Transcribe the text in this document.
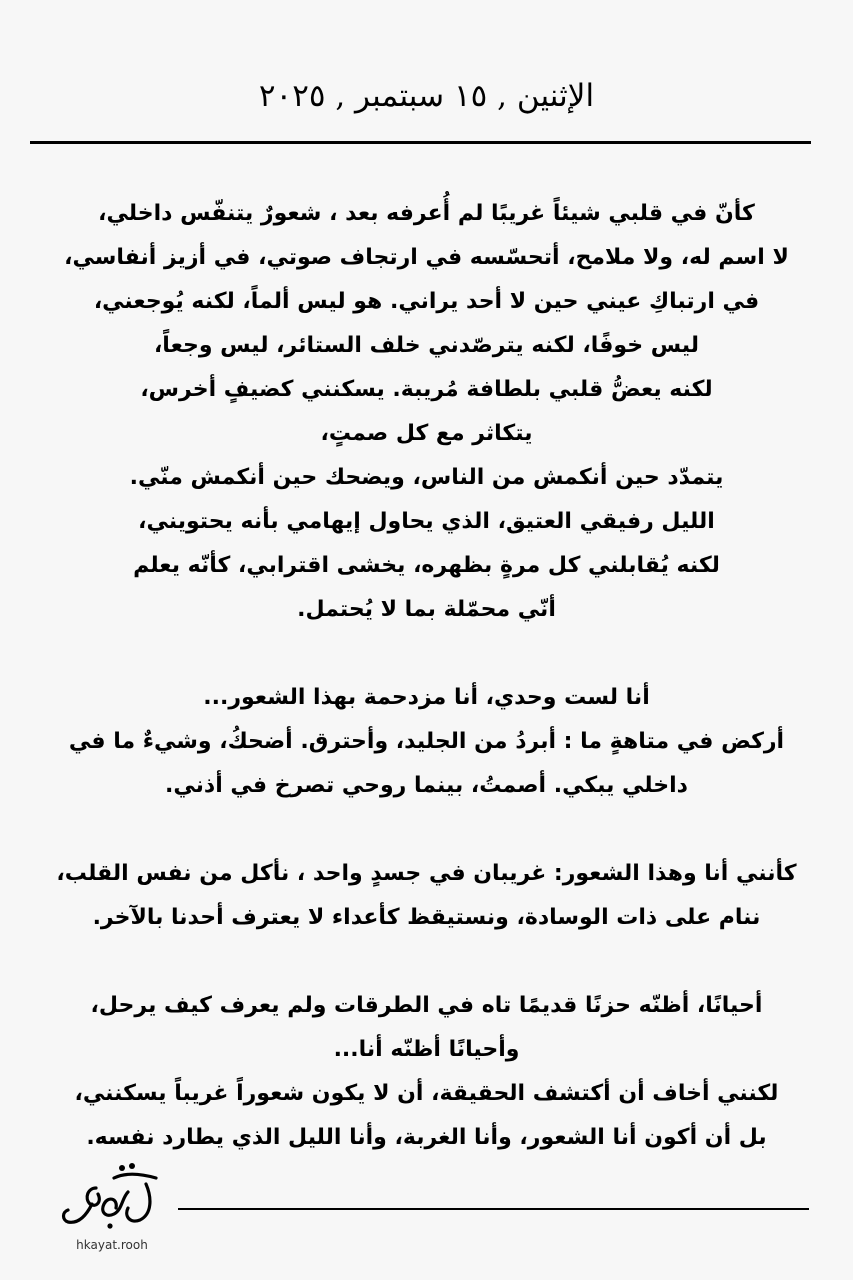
الإثنين , ١٥ سبتمبر , ٢٠٢٥
كأنّ في قلبي شيئاً غريبًا لم أُعرفه بعد ، شعورٌ يتنفّس داخلي،
لا اسم له، ولا ملامح، أتحسّسه في ارتجاف صوتي، في أزيز أنفاسي،
في ارتباكِ عيني حين لا أحد يراني. هو ليس ألماً، لكنه يُوجعني،
ليس خوفًا، لكنه يترصّدني خلف الستائر، ليس وجعاً،
لكنه يعضُّ قلبي بلطافة مُريبة. يسكنني كضيفٍ أخرس،
يتكاثر مع كل صمتٍ،
يتمدّد حين أنكمش من الناس، ويضحك حين أنكمش منّي.
الليل رفيقي العتيق، الذي يحاول إيهامي بأنه يحتويني،
لكنه يُقابلني كل مرةٍ بظهره، يخشى اقترابي، كأنّه يعلم
أنّي محمّلة بما لا يُحتمل.
أنا لست وحدي، أنا مزدحمة بهذا الشعور...
أركض في متاهةٍ ما : أبردُ من الجليد، وأحترق. أضحكُ، وشيءٌ ما في
داخلي يبكي. أصمتُ، بينما روحي تصرخ في أذني.
كأنني أنا وهذا الشعور: غريبان في جسدٍ واحد ، نأكل من نفس القلب،
ننام على ذات الوسادة، ونستيقظ كأعداء لا يعترف أحدنا بالآخر.
أحيانًا، أظنّه حزنًا قديمًا تاه في الطرقات ولم يعرف كيف يرحل،
وأحيانًا أظنّه أنا...
لكنني أخاف أن أكتشف الحقيقة، أن لا يكون شعوراً غريباً يسكنني،
بل أن أكون أنا الشعور، وأنا الغربة، وأنا الليل الذي يطارد نفسه.
وجد
hkayat.rooh
